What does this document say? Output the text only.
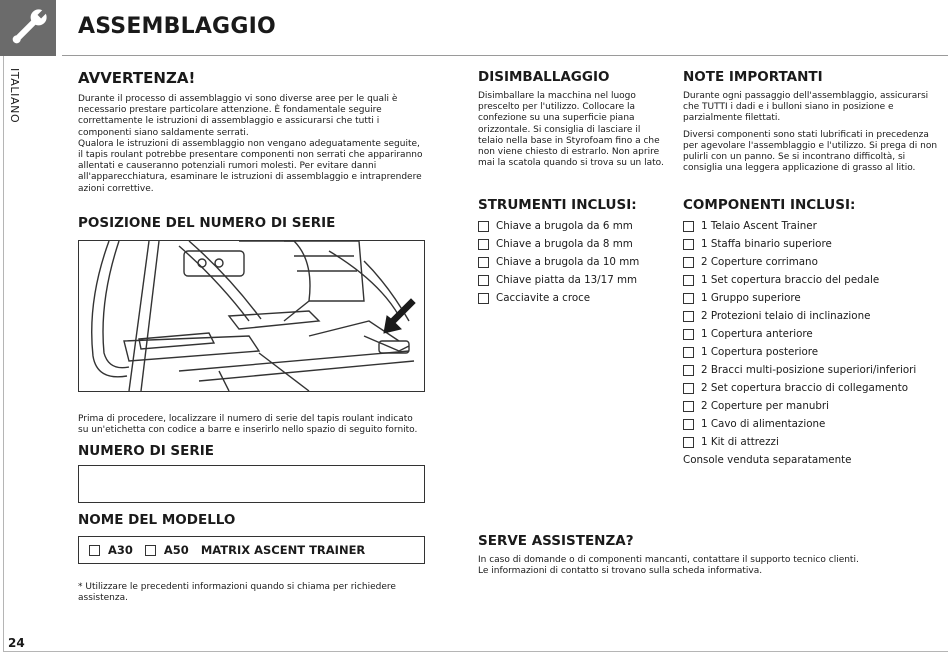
ASSEMBLAGGIO
ITALIANO
24
AVVERTENZA!

Durante il processo di assemblaggio vi sono diverse aree per le quali è necessario prestare particolare attenzione. È fondamentale seguire correttamente le istruzioni di assemblaggio e assicurarsi che tutti i componenti siano saldamente serrati.

Qualora le istruzioni di assemblaggio non vengano adeguatamente seguite, il tapis roulant potrebbe presentare componenti non serrati che appariranno allentati e causeranno potenziali rumori molesti. Per evitare danni all'apparecchiatura, esaminare le istruzioni di assemblaggio e intraprendere azioni correttive.

DISIMBALLAGGIO

Disimballare la macchina nel luogo prescelto per l'utilizzo. Collocare la confezione su una superficie piana orizzontale. Si consiglia di lasciare il telaio nella base in Styrofoam fino a che non viene chiesto di estrarlo. Non aprire mai la scatola quando si trova su un lato.

NOTE IMPORTANTI

Durante ogni passaggio dell'assemblaggio, assicurarsi che TUTTI i dadi e i bulloni siano in posizione e parzialmente filettati.

Diversi componenti sono stati lubrificati in precedenza per agevolare l'assemblaggio e l'utilizzo. Si prega di non pulirli con un panno. Se si incontrano difficoltà, si consiglia una leggera applicazione di grasso al litio.

POSIZIONE DEL NUMERO DI SERIE

Prima di procedere, localizzare il numero di serie del tapis roulant indicato su un'etichetta con codice a barre e inserirlo nello spazio di seguito fornito.

NUMERO DI SERIE
NOME DEL MODELLO
A30	A50 MATRIX ASCENT TRAINER

* Utilizzare le precedenti informazioni quando si chiama per richiedere assistenza.

STRUMENTI INCLUSI:
Chiave a brugola da 6 mm
Chiave a brugola da 8 mm
Chiave a brugola da 10 mm
Chiave piatta da 13/17 mm
Cacciavite a croce
COMPONENTI INCLUSI:
1 Telaio Ascent Trainer
1 Staffa binario superiore
2 Coperture corrimano
1 Set copertura braccio del pedale
1 Gruppo superiore
2 Protezioni telaio di inclinazione
1 Copertura anteriore
1 Copertura posteriore
2 Bracci multi-posizione superiori/inferiori
2 Set copertura braccio di collegamento
2 Coperture per manubri
1 Cavo di alimentazione
1 Kit di attrezzi
Console venduta separatamente
SERVE ASSISTENZA?

In caso di domande o di componenti mancanti, contattare il supporto tecnico clienti.

Le informazioni di contatto si trovano sulla scheda informativa.
